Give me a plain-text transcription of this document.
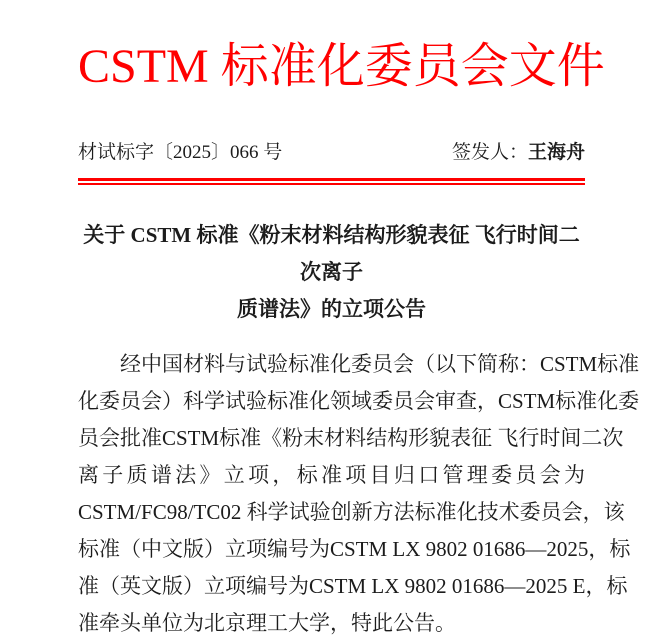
CSTM 标准化委员会文件
材试标字〔2025〕066 号	签发人：王海舟
关于 CSTM 标准《粉末材料结构形貌表征 飞行时间二次离子
质谱法》的立项公告
经中国材料与试验标准化委员会（以下简称：CSTM标准
化委员会）科学试验标准化领域委员会审查，CSTM标准化委
员会批准CSTM标准《粉末材料结构形貌表征 飞行时间二次
离子质谱法》立项，标准项目归口管理委员会为
CSTM/FC98/TC02 科学试验创新方法标准化技术委员会，该
标准（中文版）立项编号为CSTM LX 9802 01686—2025，标
准（英文版）立项编号为CSTM LX 9802 01686—2025 E，标
准牵头单位为北京理工大学，特此公告。
